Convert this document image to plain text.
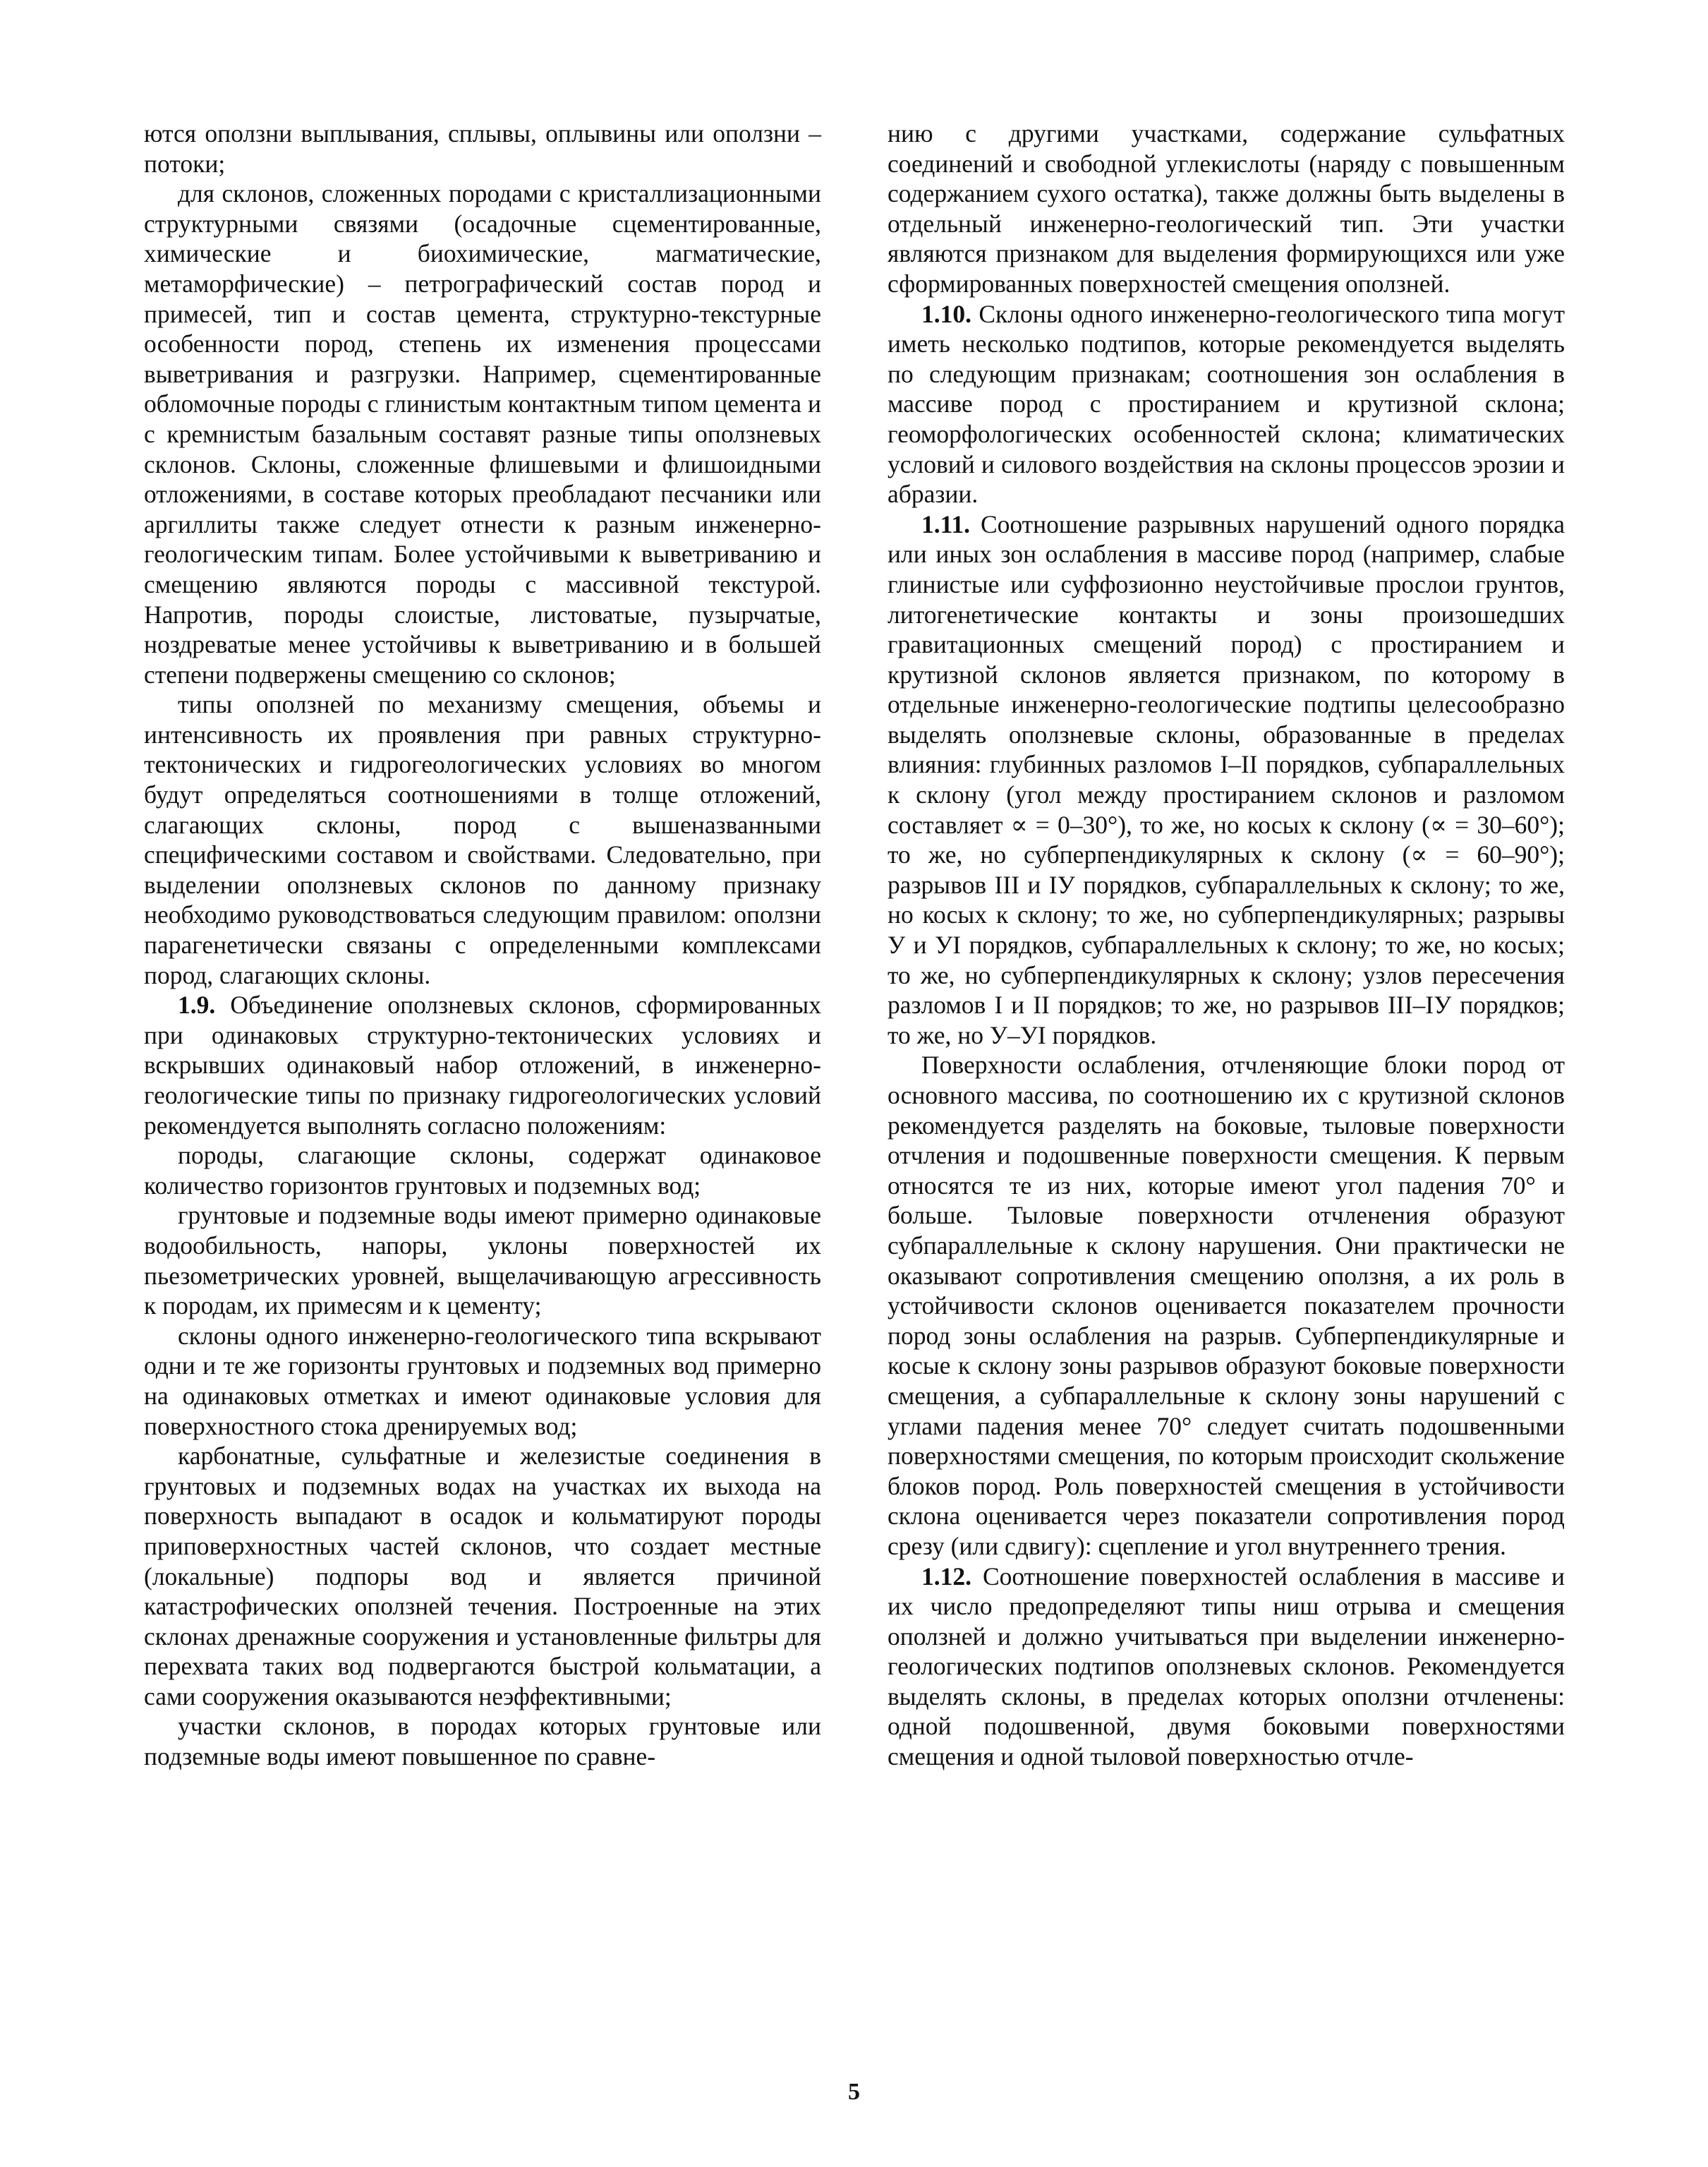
ются оползни выплывания, сплывы, оплывины или оползни – потоки;

для склонов, сложенных породами с кристаллизационными структурными связями (осадочные сцементированные, химические и биохимические, магматические, метаморфические) – петрографический состав пород и примесей, тип и состав цемента, структурно-текстурные особенности пород, степень их изменения процессами выветривания и разгрузки. Например, сцементированные обломочные породы с глинистым контактным типом цемента и с кремнистым базальным составят разные типы оползневых склонов. Склоны, сложенные флишевыми и флишоидными отложениями, в составе которых преобладают песчаники или аргиллиты также следует отнести к разным инженерно-геологическим типам. Более устойчивыми к выветриванию и смещению являются породы с массивной текстурой. Напротив, породы слоистые, листоватые, пузырчатые, ноздреватые менее устойчивы к выветриванию и в большей степени подвержены смещению со склонов;

типы оползней по механизму смещения, объемы и интенсивность их проявления при равных структурно-тектонических и гидрогеологических условиях во многом будут определяться соотношениями в толще отложений, слагающих склоны, пород с вышеназванными специфическими составом и свойствами. Следовательно, при выделении оползневых склонов по данному признаку необходимо руководствоваться следующим правилом: оползни парагенетически связаны с определенными комплексами пород, слагающих склоны.

1.9. Объединение оползневых склонов, сформированных при одинаковых структурно-тектонических условиях и вскрывших одинаковый набор отложений, в инженерно-геологические типы по признаку гидрогеологических условий рекомендуется выполнять согласно положениям:

породы, слагающие склоны, содержат одинаковое количество горизонтов грунтовых и подземных вод;

грунтовые и подземные воды имеют примерно одинаковые водообильность, напоры, уклоны поверхностей их пьезометрических уровней, выщелачивающую агрессивность к породам, их примесям и к цементу;

склоны одного инженерно-геологического типа вскрывают одни и те же горизонты грунтовых и подземных вод примерно на одинаковых отметках и имеют одинаковые условия для поверхностного стока дренируемых вод;

карбонатные, сульфатные и железистые соединения в грунтовых и подземных водах на участках их выхода на поверхность выпадают в осадок и кольматируют породы приповерхностных частей склонов, что создает местные (локальные) подпоры вод и является причиной катастрофических оползней течения. Построенные на этих склонах дренажные сооружения и установленные фильтры для перехвата таких вод подвергаются быстрой кольматации, а сами сооружения оказываются неэффективными;

участки склонов, в породах которых грунтовые или подземные воды имеют повышенное по сравне-

нию с другими участками, содержание сульфатных соединений и свободной углекислоты (наряду с повышенным содержанием сухого остатка), также должны быть выделены в отдельный инженерно-геологический тип. Эти участки являются признаком для выделения формирующихся или уже сформированных поверхностей смещения оползней.

1.10. Склоны одного инженерно-геологического типа могут иметь несколько подтипов, которые рекомендуется выделять по следующим признакам; соотношения зон ослабления в массиве пород с простиранием и крутизной склона; геоморфологических особенностей склона; климатических условий и силового воздействия на склоны процессов эрозии и абразии.

1.11. Соотношение разрывных нарушений одного порядка или иных зон ослабления в массиве пород (например, слабые глинистые или суффозионно неустойчивые прослои грунтов, литогенетические контакты и зоны произошедших гравитационных смещений пород) с простиранием и крутизной склонов является признаком, по которому в отдельные инженерно-геологические подтипы целесообразно выделять оползневые склоны, образованные в пределах влияния: глубинных разломов I–II порядков, субпараллельных к склону (угол между простиранием склонов и разломом составляет ∝ = 0–30°), то же, но косых к склону (∝ = 30–60°); то же, но субперпендикулярных к склону (∝ = 60–90°); разрывов III и IУ порядков, субпараллельных к склону; то же, но косых к склону; то же, но субперпендикулярных; разрывы У и УI порядков, субпараллельных к склону; то же, но косых; то же, но субперпендикулярных к склону; узлов пересечения разломов I и II порядков; то же, но разрывов III–IУ порядков; то же, но У–УI порядков.

Поверхности ослабления, отчленяющие блоки пород от основного массива, по соотношению их с крутизной склонов рекомендуется разделять на боковые, тыловые поверхности отчления и подошвенные поверхности смещения. К первым относятся те из них, которые имеют угол падения 70° и больше. Тыловые поверхности отчленения образуют субпараллельные к склону нарушения. Они практически не оказывают сопротивления смещению оползня, а их роль в устойчивости склонов оценивается показателем прочности пород зоны ослабления на разрыв. Субперпендикулярные и косые к склону зоны разрывов образуют боковые поверхности смещения, а субпараллельные к склону зоны нарушений с углами падения менее 70° следует считать подошвенными поверхностями смещения, по которым происходит скольжение блоков пород. Роль поверхностей смещения в устойчивости склона оценивается через показатели сопротивления пород срезу (или сдвигу): сцепление и угол внутреннего трения.

1.12. Соотношение поверхностей ослабления в массиве и их число предопределяют типы ниш отрыва и смещения оползней и должно учитываться при выделении инженерно-геологических подтипов оползневых склонов. Рекомендуется выделять склоны, в пределах которых оползни отчленены: одной подошвенной, двумя боковыми поверхностями смещения и одной тыловой поверхностью отчле-

5
